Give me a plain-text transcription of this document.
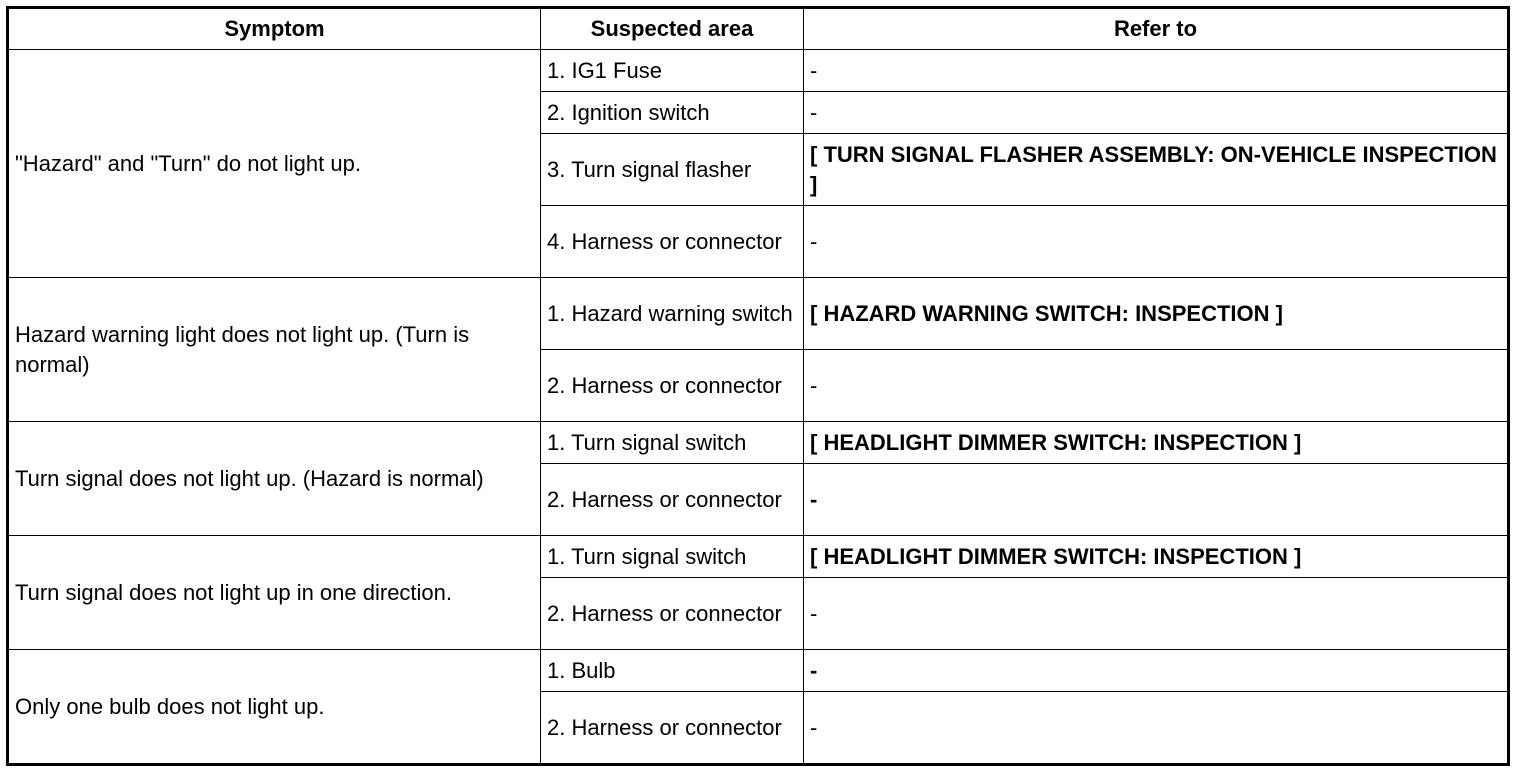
Symptom	Suspected area	Refer to
"Hazard" and "Turn" do not light up.	1. IG1 Fuse	-
	2. Ignition switch	-
	3. Turn signal flasher	[ TURN SIGNAL FLASHER ASSEMBLY: ON-VEHICLE INSPECTION ]
	4. Harness or connector	-
Hazard warning light does not light up. (Turn is normal)	1. Hazard warning switch	[ HAZARD WARNING SWITCH: INSPECTION ]
	2. Harness or connector	-
Turn signal does not light up. (Hazard is normal)	1. Turn signal switch	[ HEADLIGHT DIMMER SWITCH: INSPECTION ]
	2. Harness or connector	-
Turn signal does not light up in one direction.	1. Turn signal switch	[ HEADLIGHT DIMMER SWITCH: INSPECTION ]
	2. Harness or connector	-
Only one bulb does not light up.	1. Bulb	-
	2. Harness or connector	-
